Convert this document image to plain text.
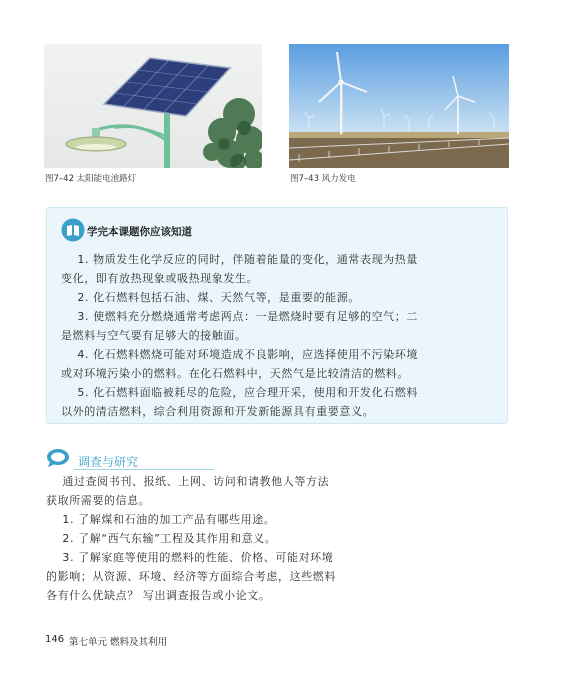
图7–42 太阳能电池路灯	图7–43 风力发电
学完本课题你应该知道
1. 物质发生化学反应的同时，伴随着能量的变化，通常表现为热量
变化，即有放热现象或吸热现象发生。
2. 化石燃料包括石油、煤、天然气等，是重要的能源。
3. 使燃料充分燃烧通常考虑两点：一是燃烧时要有足够的空气；二
是燃料与空气要有足够大的接触面。
4. 化石燃料燃烧可能对环境造成不良影响，应选择使用不污染环境
或对环境污染小的燃料。在化石燃料中，天然气是比较清洁的燃料。
5. 化石燃料面临被耗尽的危险，应合理开采，使用和开发化石燃料
以外的清洁燃料，综合利用资源和开发新能源具有重要意义。
调查与研究
通过查阅书刊、报纸、上网、访问和请教他人等方法
获取所需要的信息。
1. 了解煤和石油的加工产品有哪些用途。
2. 了解“西气东输”工程及其作用和意义。
3. 了解家庭等使用的燃料的性能、价格、可能对环境
的影响；从资源、环境、经济等方面综合考虑，这些燃料
各有什么优缺点？ 写出调查报告或小论文。
146 第七单元 燃料及其利用
